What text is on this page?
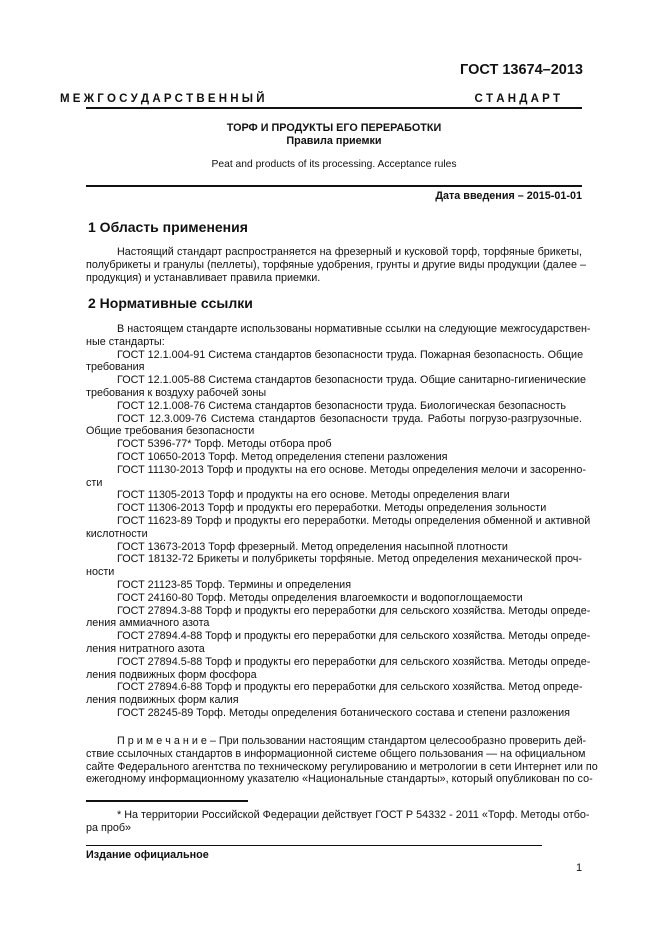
ГОСТ 13674–2013
М Е Ж Г О С У Д А Р С Т В Е Н Н Ы Й	С Т А Н Д А Р Т
ТОРФ И ПРОДУКТЫ ЕГО ПЕРЕРАБОТКИ
Правила приемки
Peat and products of its processing. Acceptance rules
Дата введения – 2015-01-01
1 Область применения
Настоящий стандарт распространяется на фрезерный и кусковой торф, торфяные брикеты,
полубрикеты и гранулы (пеллеты), торфяные удобрения, грунты и другие виды продукции (далее –
продукция) и устанавливает правила приемки.
2 Нормативные ссылки
В настоящем стандарте использованы нормативные ссылки на следующие межгосударствен-
ные стандарты:
ГОСТ 12.1.004-91 Система стандартов безопасности труда. Пожарная безопасность. Общие
требования
ГОСТ 12.1.005-88 Система стандартов безопасности труда. Общие санитарно-гигиенические
требования к воздуху рабочей зоны
ГОСТ 12.1.008-76 Система стандартов безопасности труда. Биологическая безопасность
ГОСТ 12.3.009-76 Система стандартов безопасности труда. Работы погрузо-разгрузочные.
Общие требования безопасности
ГОСТ 5396-77* Торф. Методы отбора проб
ГОСТ 10650-2013 Торф. Метод определения степени разложения
ГОСТ 11130-2013 Торф и продукты на его основе. Методы определения мелочи и засоренно-
сти
ГОСТ 11305-2013 Торф и продукты на его основе. Методы определения влаги
ГОСТ 11306-2013 Торф и продукты его переработки. Методы определения зольности
ГОСТ 11623-89 Торф и продукты его переработки. Методы определения обменной и активной
кислотности
ГОСТ 13673-2013 Торф фрезерный. Метод определения насыпной плотности
ГОСТ 18132-72 Брикеты и полубрикеты торфяные. Метод определения механической проч-
ности
ГОСТ 21123-85 Торф. Термины и определения
ГОСТ 24160-80 Торф. Методы определения влагоемкости и водопоглощаемости
ГОСТ 27894.3-88 Торф и продукты его переработки для сельского хозяйства. Методы опреде-
ления аммиачного азота
ГОСТ 27894.4-88 Торф и продукты его переработки для сельского хозяйства. Методы опреде-
ления нитратного азота
ГОСТ 27894.5-88 Торф и продукты его переработки для сельского хозяйства. Методы опреде-
ления подвижных форм фосфора
ГОСТ 27894.6-88 Торф и продукты его переработки для сельского хозяйства. Метод опреде-
ления подвижных форм калия
ГОСТ 28245-89 Торф. Методы определения ботанического состава и степени разложения
П р и м е ч а н и е – При пользовании настоящим стандартом целесообразно проверить дей-
ствие ссылочных стандартов в информационной системе общего пользования — на официальном
сайте Федерального агентства по техническому регулированию и метрологии в сети Интернет или по
ежегодному информационному указателю «Национальные стандарты», который опубликован по со-
* На территории Российской Федерации действует ГОСТ Р 54332 - 2011 «Торф. Методы отбо-
ра проб»
Издание официальное
1
